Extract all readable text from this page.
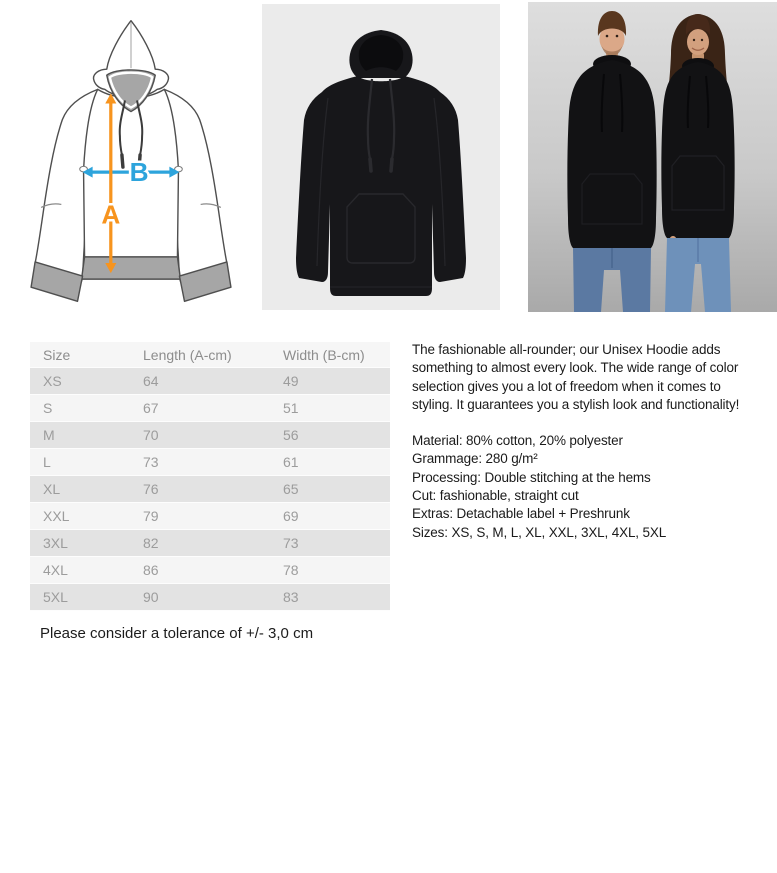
B
A
Size	Length (A-cm)	Width (B-cm)
XS	64	49
S	67	51
M	70	56
L	73	61
XL	76	65
XXL	79	69
3XL	82	73
4XL	86	78
5XL	90	83
The fashionable all-rounder; our Unisex Hoodie adds
something to almost every look. The wide range of color
selection gives you a lot of freedom when it comes to
styling. It guarantees you a stylish look and functionality!
Material: 80% cotton, 20% polyester
Grammage: 280 g/m²
Processing: Double stitching at the hems
Cut: fashionable, straight cut
Extras: Detachable label + Preshrunk
Sizes: XS, S, M, L, XL, XXL, 3XL, 4XL, 5XL
Please consider a tolerance of +/- 3,0 cm
